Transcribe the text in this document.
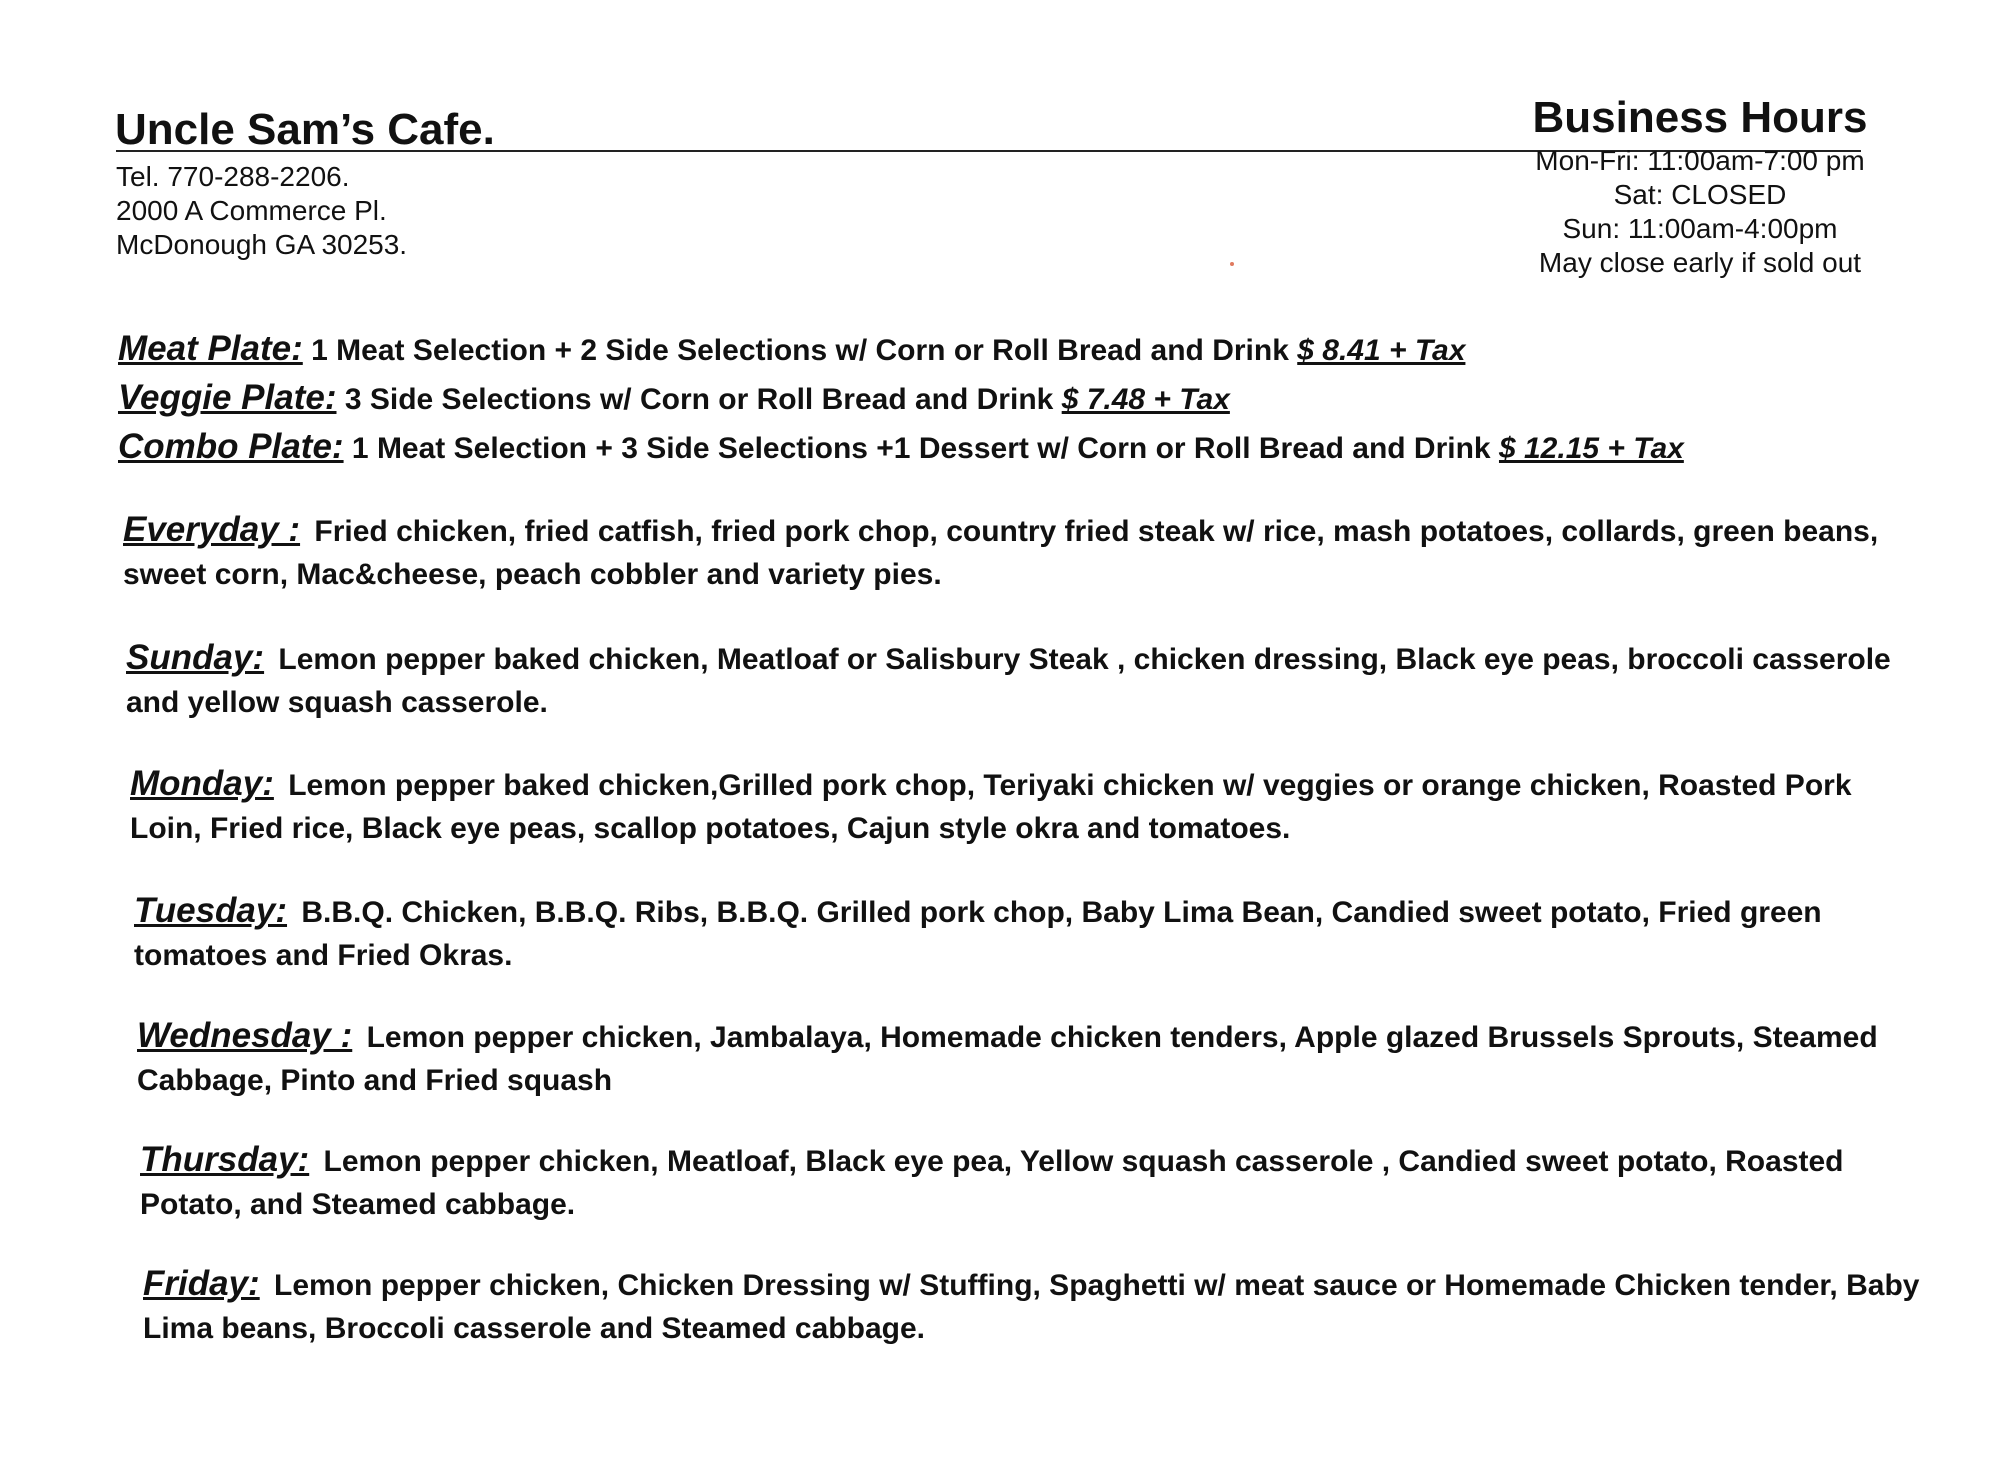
Uncle Sam’s Cafe.
Tel. 770-288-2206.
2000 A Commerce Pl.
McDonough GA 30253.
Business Hours
Mon-Fri: 11:00am-7:00 pm
Sat: CLOSED
Sun: 11:00am-4:00pm
May close early if sold out
Meat Plate: 1 Meat Selection + 2 Side Selections w/ Corn or Roll Bread and Drink $ 8.41 + Tax
Veggie Plate: 3 Side Selections w/ Corn or Roll Bread and Drink $ 7.48 + Tax
Combo Plate: 1 Meat Selection + 3 Side Selections +1 Dessert w/ Corn or Roll Bread and Drink $ 12.15 + Tax
Everyday : Fried chicken, fried catfish, fried pork chop, country fried steak w/ rice, mash potatoes, collards, green beans, sweet corn, Mac&cheese, peach cobbler and variety pies.
Sunday: Lemon pepper baked chicken, Meatloaf or Salisbury Steak , chicken dressing, Black eye peas, broccoli casserole and yellow squash casserole.
Monday: Lemon pepper baked chicken,Grilled pork chop, Teriyaki chicken w/ veggies or orange chicken, Roasted Pork Loin, Fried rice, Black eye peas, scallop potatoes, Cajun style okra and tomatoes.
Tuesday: B.B.Q. Chicken, B.B.Q. Ribs, B.B.Q. Grilled pork chop, Baby Lima Bean, Candied sweet potato, Fried green tomatoes and Fried Okras.
Wednesday : Lemon pepper chicken, Jambalaya, Homemade chicken tenders, Apple glazed Brussels Sprouts, Steamed Cabbage, Pinto and Fried squash
Thursday: Lemon pepper chicken, Meatloaf, Black eye pea, Yellow squash casserole , Candied sweet potato, Roasted Potato, and Steamed cabbage.
Friday: Lemon pepper chicken, Chicken Dressing w/ Stuffing, Spaghetti w/ meat sauce or Homemade Chicken tender, Baby Lima beans, Broccoli casserole and Steamed cabbage.
